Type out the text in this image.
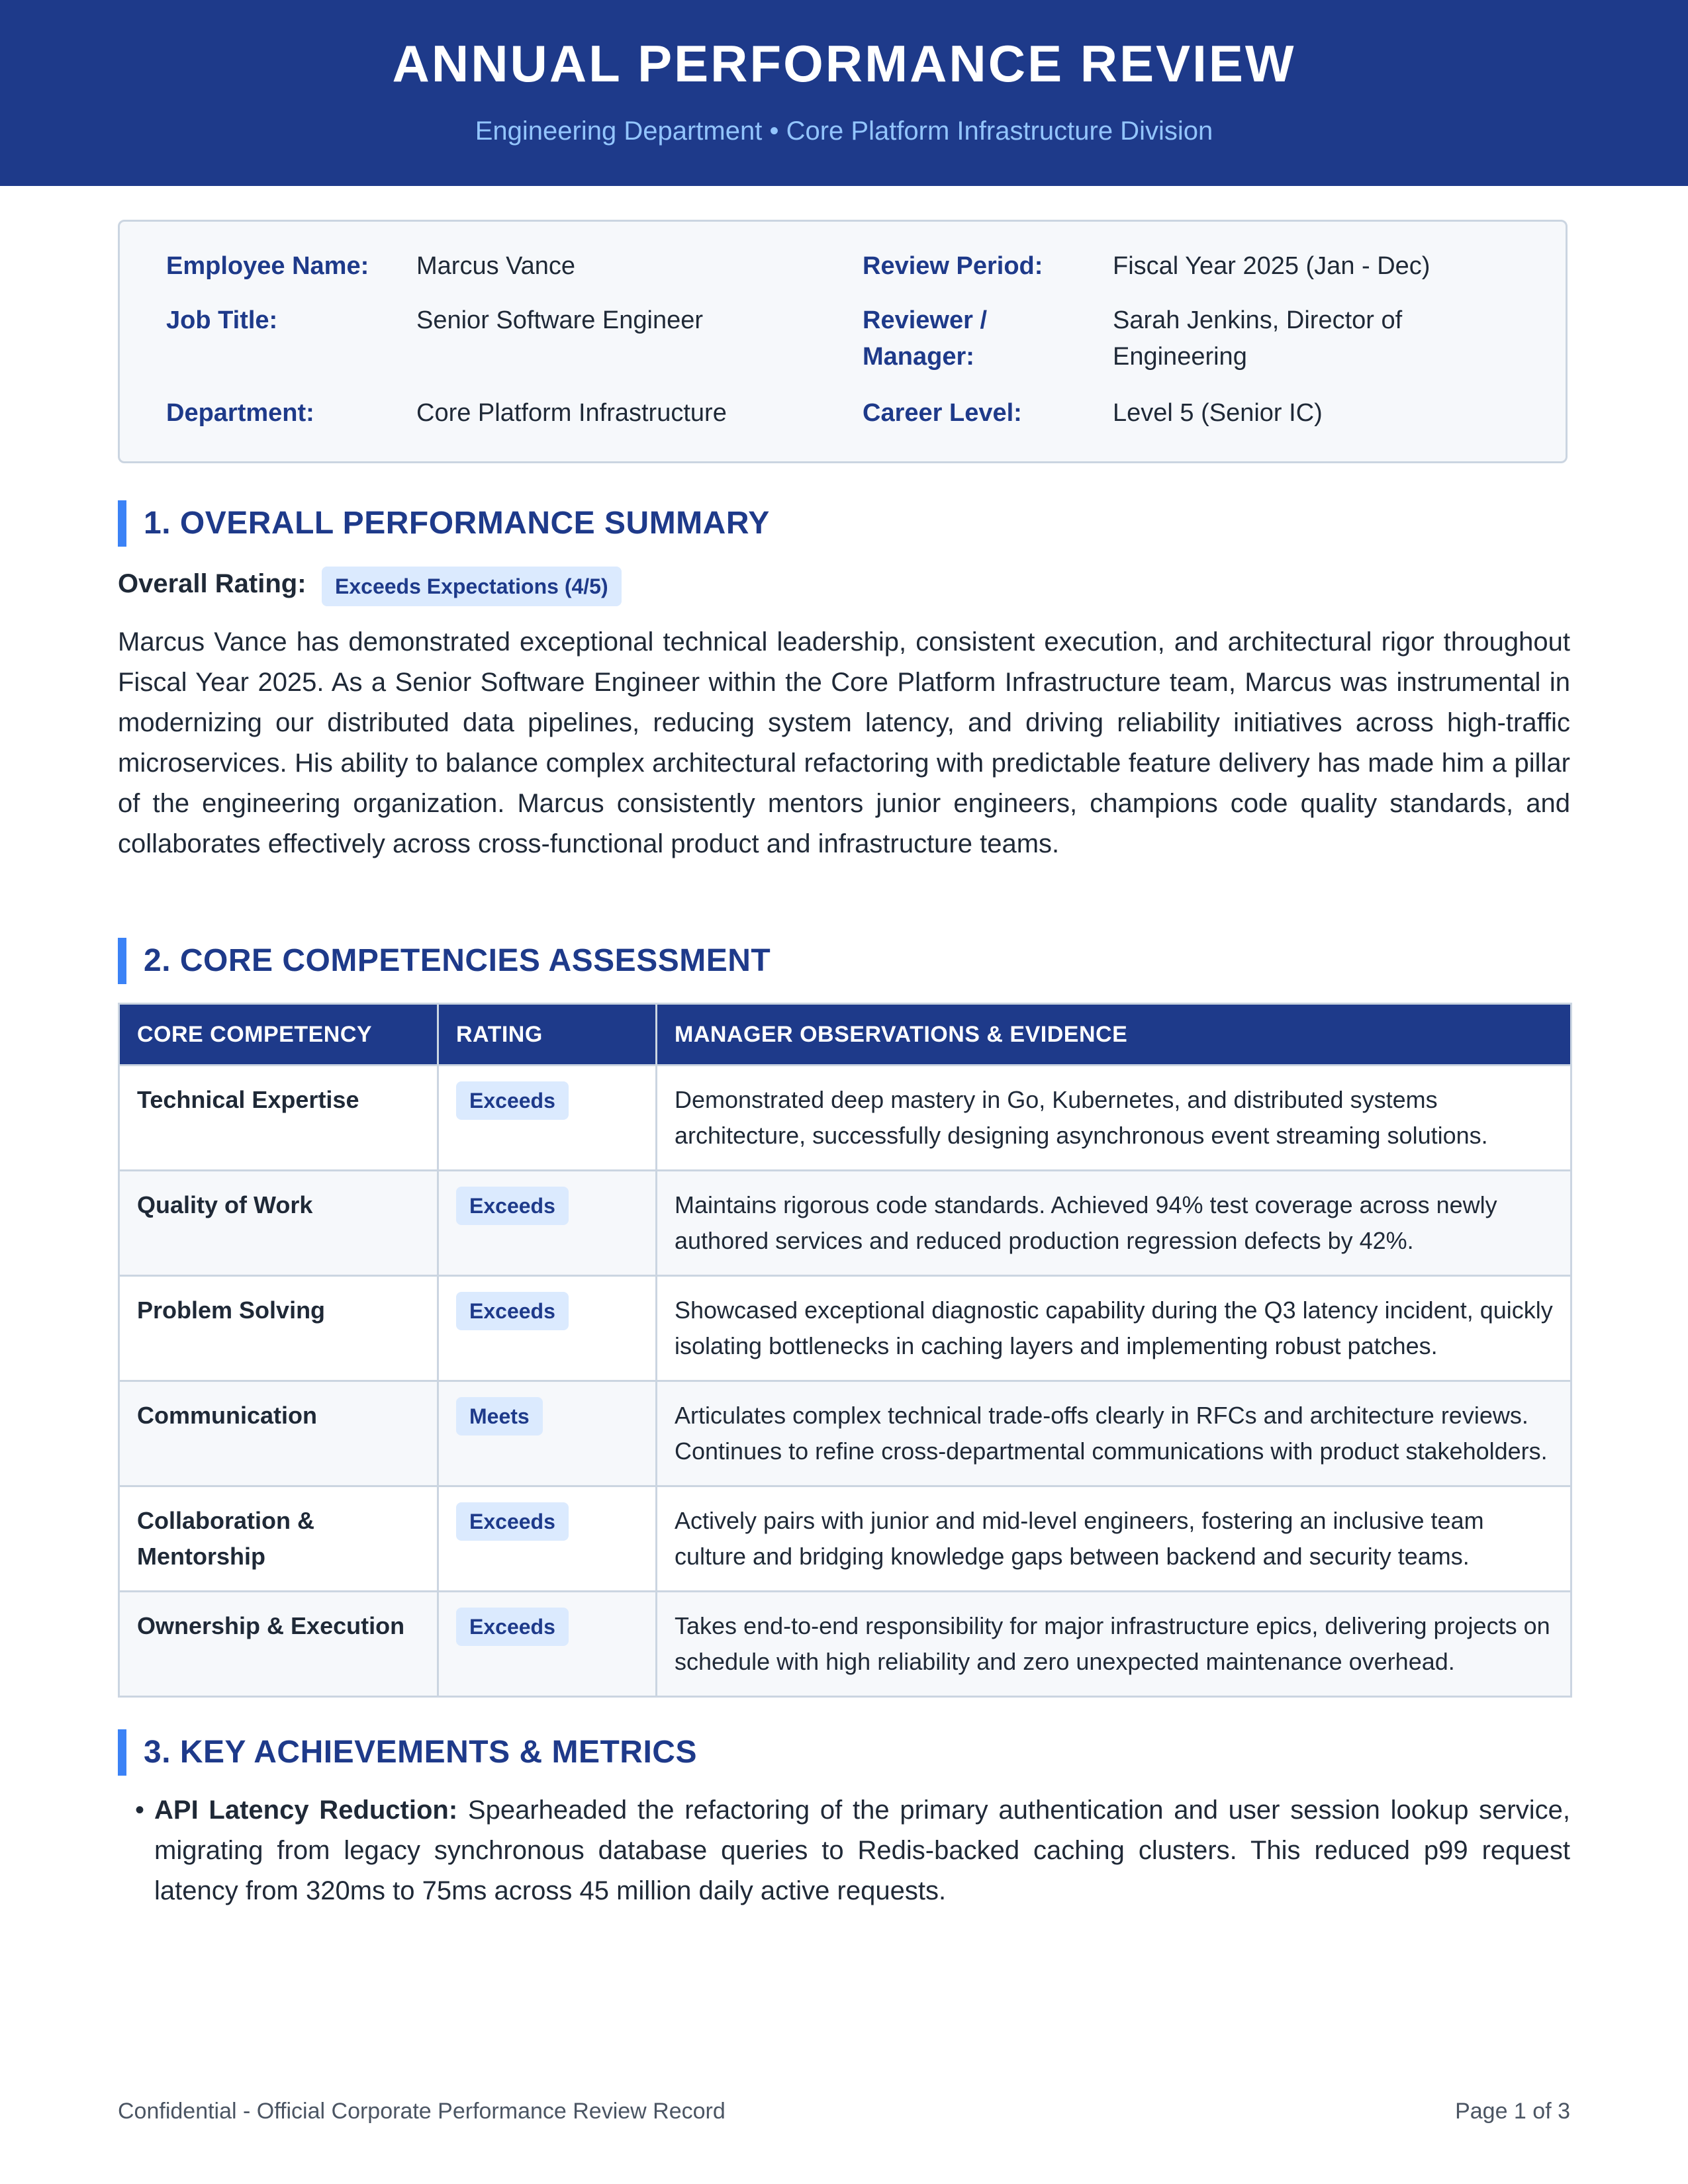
ANNUAL PERFORMANCE REVIEW
Engineering Department • Core Platform Infrastructure Division
Employee Name: Marcus Vance
Job Title:	Senior Software Engineer
Department:	Core Platform Infrastructure
Review Period:	Fiscal Year 2025 (Jan - Dec)
Reviewer / Manager:
Sarah Jenkins, Director of Engineering
Career Level:	Level 5 (Senior IC)
1. OVERALL PERFORMANCE SUMMARY
Overall Rating:	Exceeds Expectations (4/5)

Marcus Vance has demonstrated exceptional technical leadership, consistent execution, and architectural rigor throughout Fiscal Year 2025. As a Senior Software Engineer within the Core Platform Infrastructure team, Marcus was instrumental in modernizing our distributed data pipelines, reducing system latency, and driving reliability initiatives across high-traffic microservices. His ability to balance complex architectural refactoring with predictable feature delivery has made him a pillar of the engineering organization. Marcus consistently mentors junior engineers, champions code quality standards, and collaborates effectively across cross-functional product and infrastructure teams.

2. CORE COMPETENCIES ASSESSMENT
CORE COMPETENCY	RATING	MANAGER OBSERVATIONS & EVIDENCE
Technical Expertise	Exceeds	Demonstrated deep mastery in Go, Kubernetes, and distributed systems architecture, successfully designing asynchronous event streaming solutions.
Quality of Work	Exceeds	Maintains rigorous code standards. Achieved 94% test coverage across newly authored services and reduced production regression defects by 42%.
Problem Solving	Exceeds	Showcased exceptional diagnostic capability during the Q3 latency incident, quickly isolating bottlenecks in caching layers and implementing robust patches.
Communication	Meets	Articulates complex technical trade-offs clearly in RFCs and architecture reviews. Continues to refine cross-departmental communications with product stakeholders.
Collaboration & Mentorship	Exceeds	Actively pairs with junior and mid-level engineers, fostering an inclusive team culture and bridging knowledge gaps between backend and security teams.
Ownership & Execution	Exceeds	Takes end-to-end responsibility for major infrastructure epics, delivering projects on schedule with high reliability and zero unexpected maintenance overhead.
3. KEY ACHIEVEMENTS & METRICS
• API Latency Reduction: Spearheaded the refactoring of the primary authentication and user session lookup service, migrating from legacy synchronous database queries to Redis-backed caching clusters. This reduced p99 request latency from 320ms to 75ms across 45 million daily active requests.
Confidential - Official Corporate Performance Review Record	Page 1 of 3
